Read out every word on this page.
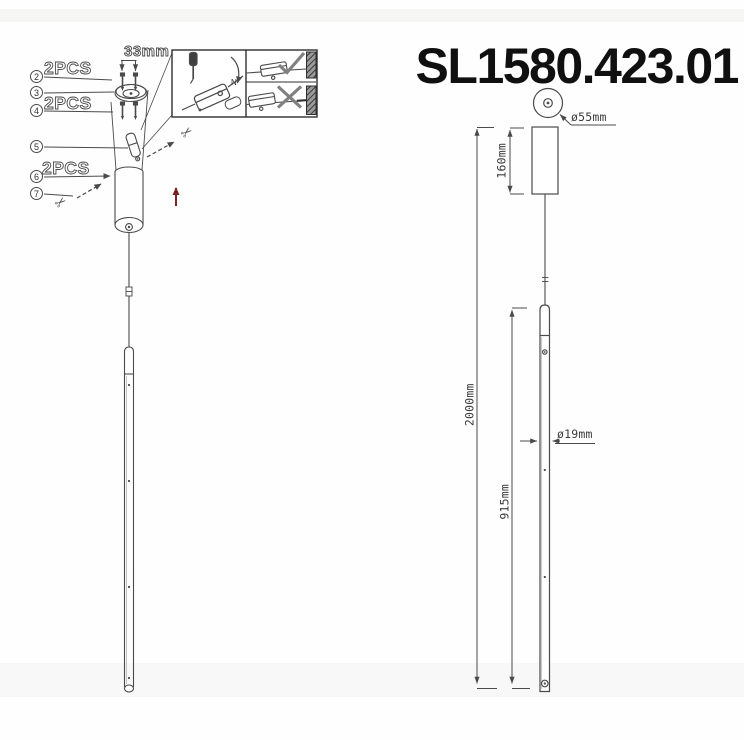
SL1580.423.01
33mm
2PCS
2PCS
2PCS
2
3
4
5
6
7
N
✂
✂
ø55mm
ø19mm
160mm
2000mm
915mm
